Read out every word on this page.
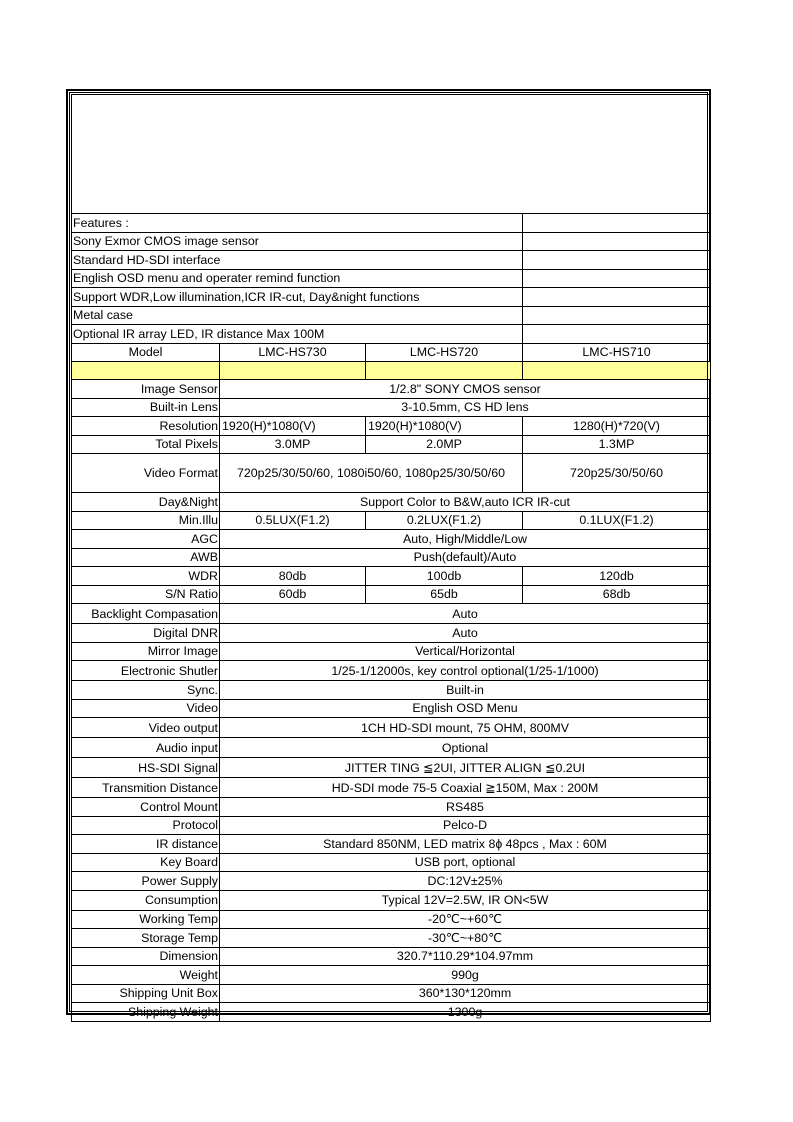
Features :			
Sony Exmor CMOS image sensor			
Standard HD-SDI interface			
English OSD menu and operater remind function			
Support WDR,Low illumination,ICR IR-cut, Day&night functions			
Metal case			
Optional IR array LED, IR distance Max 100M			
Model	LMC-HS730	LMC-HS720	LMC-HS710

Image Sensor	1/2.8" SONY CMOS sensor		
Built-in Lens	3-10.5mm, CS HD lens		
Resolution	1920(H)*1080(V)	1920(H)*1080(V)	1280(H)*720(V)
Total Pixels	3.0MP	2.0MP	1.3MP
Video Format	720p25/30/50/60, 1080i50/60, 1080p25/30/50/60		720p25/30/50/60
Day&Night	Support Color to B&W,auto ICR IR-cut		
Min.Illu	0.5LUX(F1.2)	0.2LUX(F1.2)	0.1LUX(F1.2)
AGC	Auto, High/Middle/Low		
AWB	Push(default)/Auto		
WDR	80db	100db	120db
S/N Ratio	60db	65db	68db
Backlight Compasation	Auto		
Digital DNR	Auto		
Mirror Image	Vertical/Horizontal		
Electronic Shutler	1/25-1/12000s, key control optional(1/25-1/1000)		
Sync.	Built-in		
Video	English OSD Menu		
Video output	1CH HD-SDI mount, 75 OHM, 800MV		
Audio input	Optional		
HS-SDI Signal	JITTER TING ≦2UI, JITTER ALIGN ≦0.2UI		
Transmition Distance	HD-SDI mode 75-5 Coaxial ≧150M, Max : 200M		
Control Mount	RS485		
Protocol	Pelco-D		
IR distance	Standard 850NM, LED matrix 8ɸ 48pcs , Max : 60M		
Key Board	USB port, optional		
Power Supply	DC:12V±25%		
Consumption	Typical 12V=2.5W, IR ON<5W		
Working Temp	-20℃~+60℃		
Storage Temp	-30℃~+80℃		
Dimension	320.7*110.29*104.97mm		
Weight	990g		
Shipping Unit Box	360*130*120mm		
Shipping Weight	1300g		
